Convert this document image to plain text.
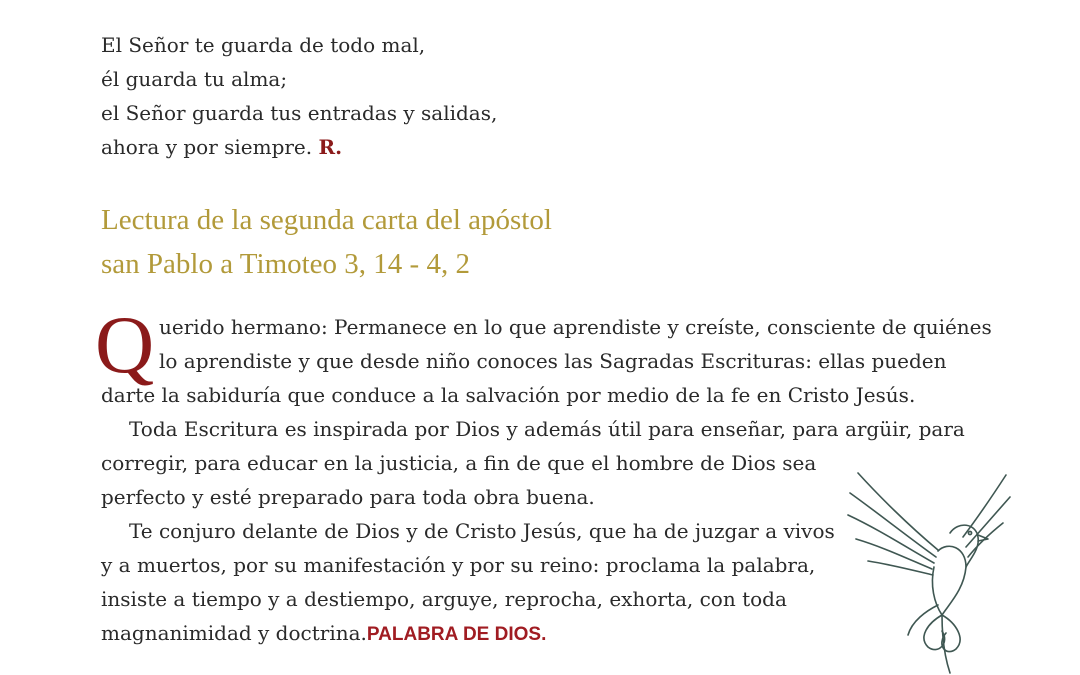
El Señor te guarda de todo mal,
él guarda tu alma;
el Señor guarda tus entradas y salidas,
ahora y por siempre. R.
Lectura de la segunda carta del apóstol
san Pablo a Timoteo 3, 14 - 4, 2
Q uerido hermano: Permanece en lo que aprendiste y creíste, consciente de quiénes
lo aprendiste y que desde niño conoces las Sagradas Escrituras: ellas pueden
darte la sabiduría que conduce a la salvación por medio de la fe en Cristo Jesús.
Toda Escritura es inspirada por Dios y además útil para enseñar, para argüir, para
corregir, para educar en la justicia, a fin de que el hombre de Dios sea
perfecto y esté preparado para toda obra buena.
Te conjuro delante de Dios y de Cristo Jesús, que ha de juzgar a vivos
y a muertos, por su manifestación y por su reino: proclama la palabra,
insiste a tiempo y a destiempo, arguye, reprocha, exhorta, con toda
magnanimidad y doctrina.PALABRA DE DIOS.
